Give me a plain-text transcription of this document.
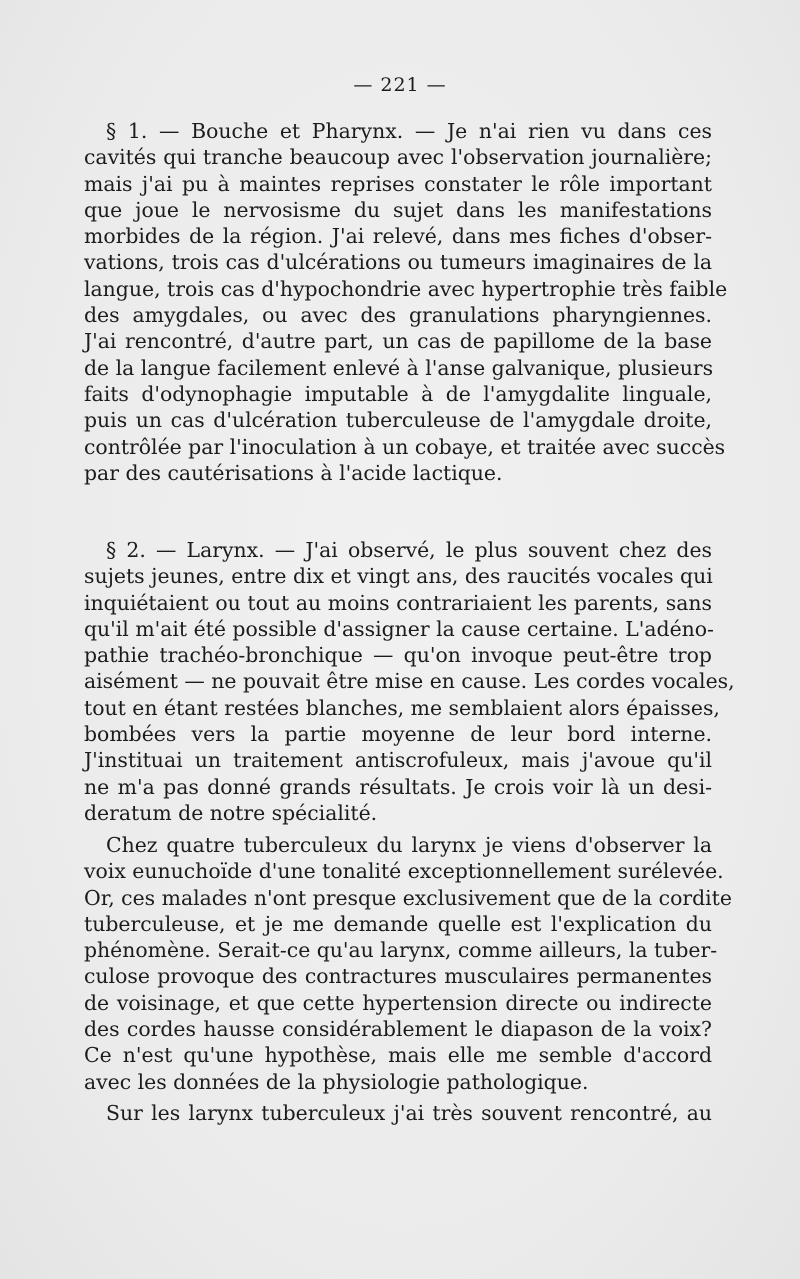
— 221 —
§ 1. — Bouche et Pharynx. — Je n'ai rien vu dans ces
cavités qui tranche beaucoup avec l'observation journalière;
mais j'ai pu à maintes reprises constater le rôle important
que joue le nervosisme du sujet dans les manifestations
morbides de la région. J'ai relevé, dans mes fiches d'obser-
vations, trois cas d'ulcérations ou tumeurs imaginaires de la
langue, trois cas d'hypochondrie avec hypertrophie très faible
des amygdales, ou avec des granulations pharyngiennes.
J'ai rencontré, d'autre part, un cas de papillome de la base
de la langue facilement enlevé à l'anse galvanique, plusieurs
faits d'odynophagie imputable à de l'amygdalite linguale,
puis un cas d'ulcération tuberculeuse de l'amygdale droite,
contrôlée par l'inoculation à un cobaye, et traitée avec succès
par des cautérisations à l'acide lactique.
§ 2. — Larynx. — J'ai observé, le plus souvent chez des
sujets jeunes, entre dix et vingt ans, des raucités vocales qui
inquiétaient ou tout au moins contrariaient les parents, sans
qu'il m'ait été possible d'assigner la cause certaine. L'adéno-
pathie trachéo-bronchique — qu'on invoque peut-être trop
aisément — ne pouvait être mise en cause. Les cordes vocales,
tout en étant restées blanches, me semblaient alors épaisses,
bombées vers la partie moyenne de leur bord interne.
J'instituai un traitement antiscrofuleux, mais j'avoue qu'il
ne m'a pas donné grands résultats. Je crois voir là un desi-
deratum de notre spécialité.
Chez quatre tuberculeux du larynx je viens d'observer la
voix eunuchoïde d'une tonalité exceptionnellement surélevée.
Or, ces malades n'ont presque exclusivement que de la cordite
tuberculeuse, et je me demande quelle est l'explication du
phénomène. Serait-ce qu'au larynx, comme ailleurs, la tuber-
culose provoque des contractures musculaires permanentes
de voisinage, et que cette hypertension directe ou indirecte
des cordes hausse considérablement le diapason de la voix?
Ce n'est qu'une hypothèse, mais elle me semble d'accord
avec les données de la physiologie pathologique.
Sur les larynx tuberculeux j'ai très souvent rencontré, au
